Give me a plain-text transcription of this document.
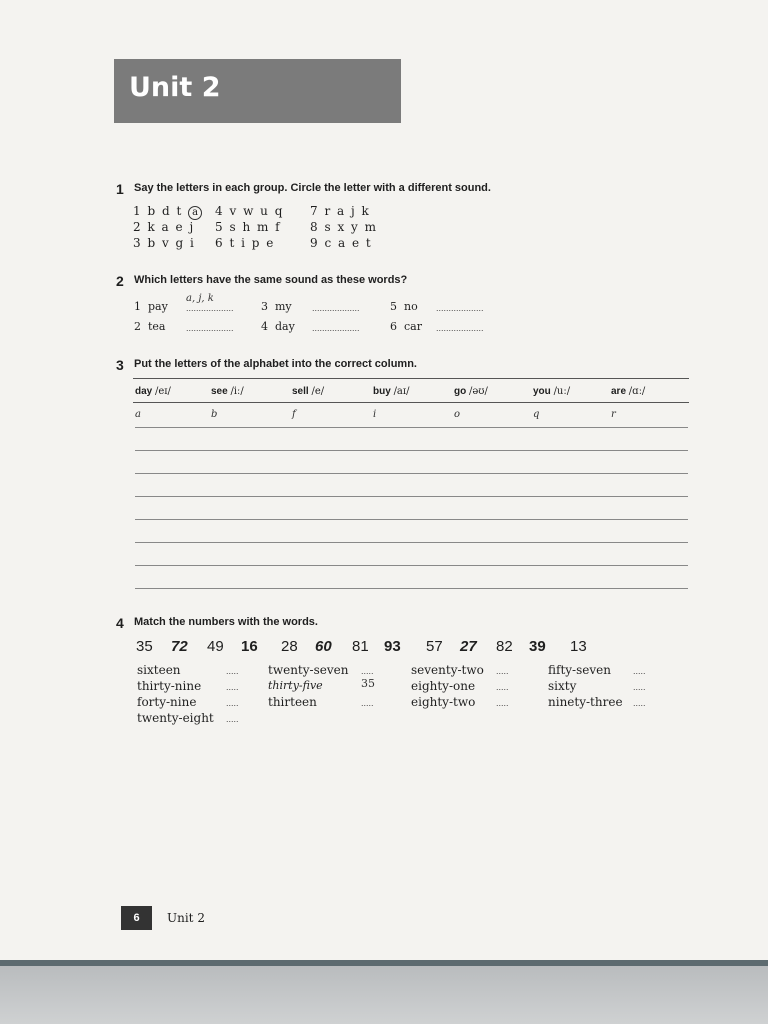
Unit 2
1 Say the letters in each group. Circle the letter with a different sound.
1 b d t a
2 k a e j
3 b v g i
4 v w u q
5 s h m f
6 t i p e
7 r a j k
8 s x y m
9 c a e t
2 Which letters have the same sound as these words?
1 pay
a, j, k
...................
2 tea ...................
3 my ...................
4 day ...................
5 no ...................
6 car ...................
3 Put the letters of the alphabet into the correct column.
day /eɪ/	see /iː/	sell /e/	buy /aɪ/	go /əʊ/	you /uː/	are /ɑː/
a	b	f	i	o	q	r
4 Match the numbers with the words.
35 72 49 16 28 60 81 93 57 27 82 39 13
sixteen	.....
thirty-nine	.....
forty-nine	.....
twenty-eight .....
twenty-seven .....
thirty-five	35
thirteen	.....
seventy-two .....
eighty-one .....
eighty-two .....
fifty-seven .....
sixty	.....
ninety-three .....
6	Unit 2
